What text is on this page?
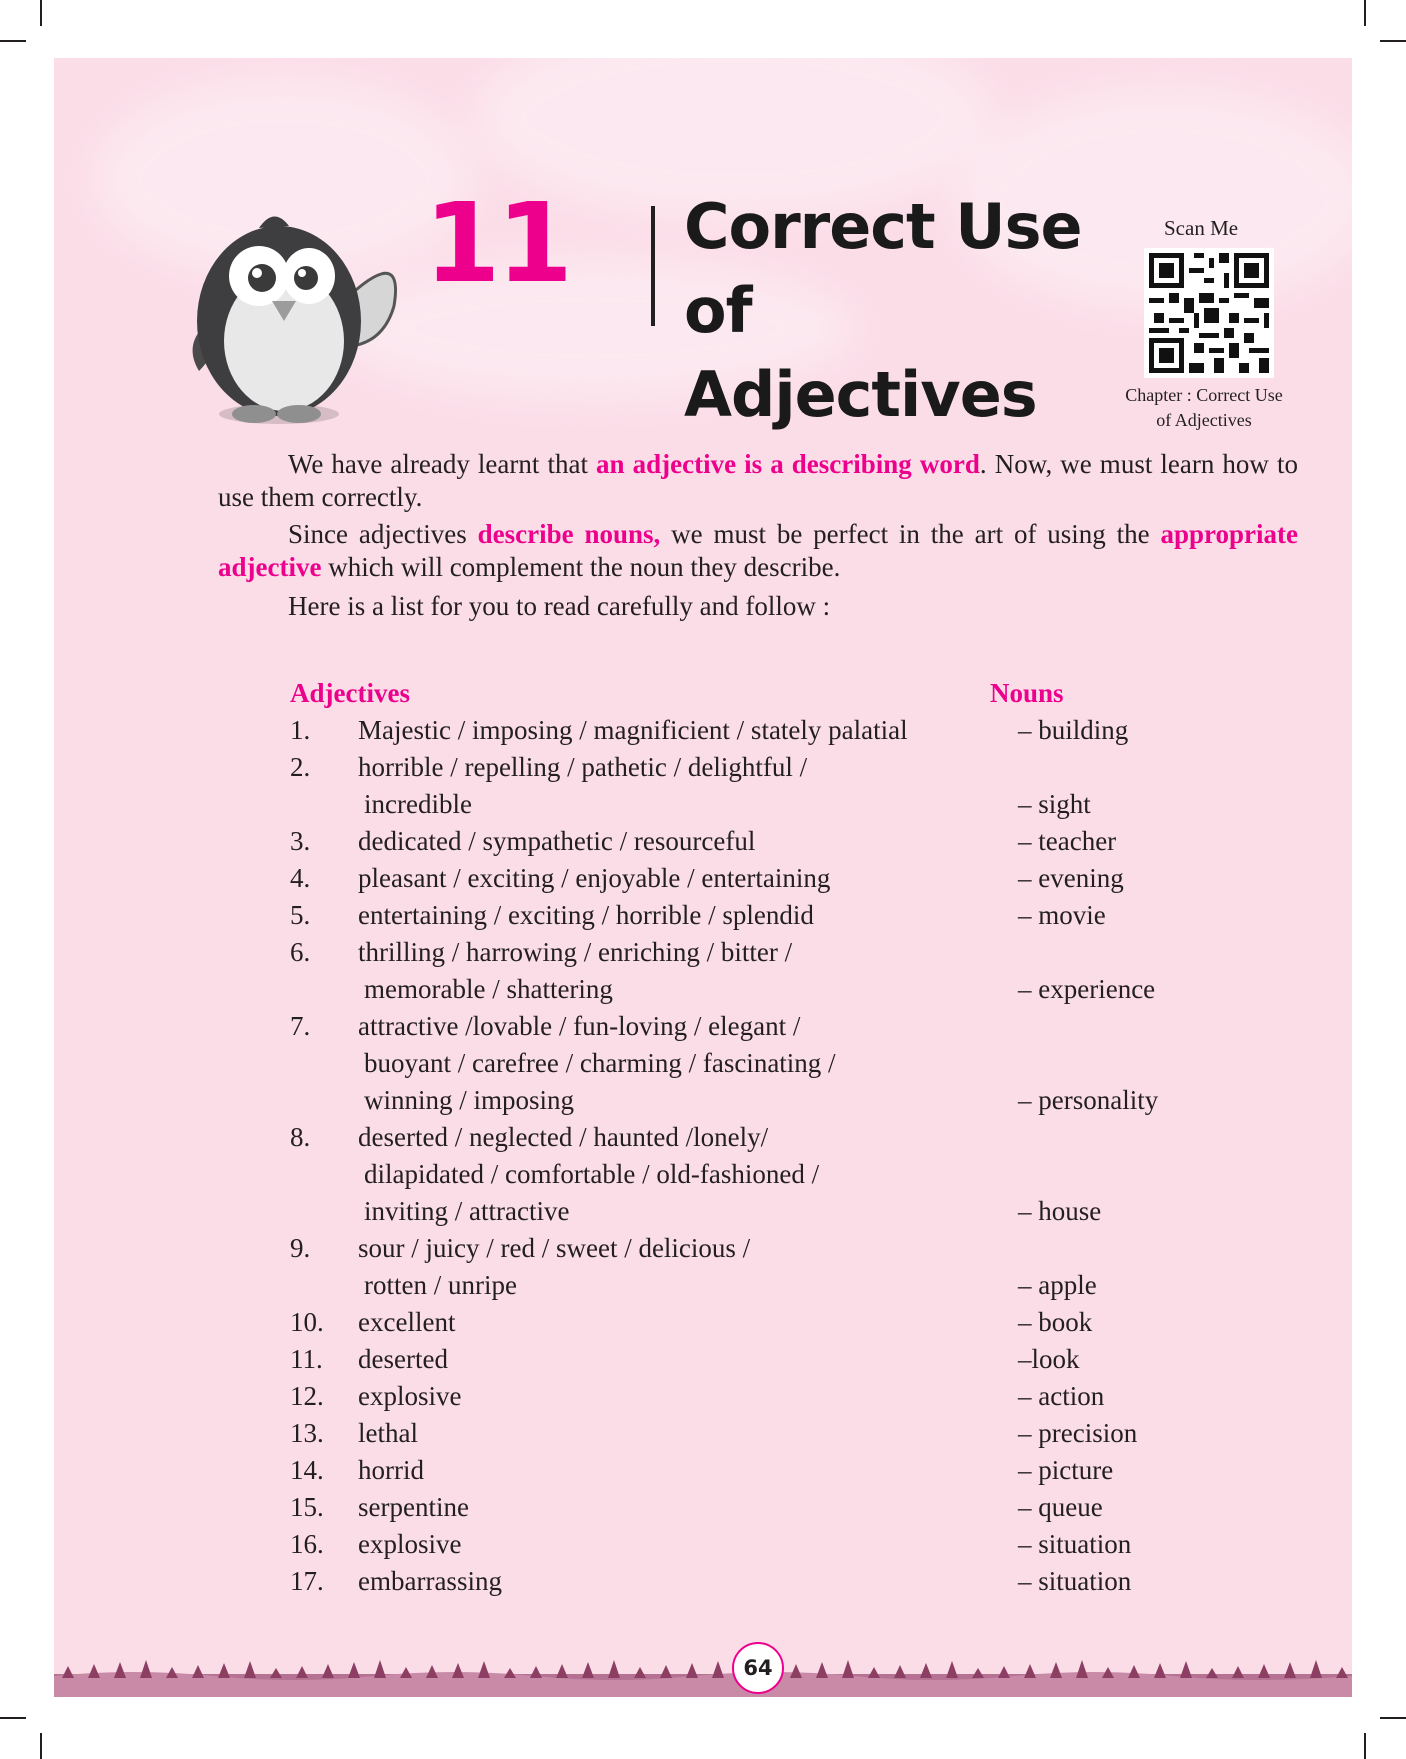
11	Correct Use of
Adjectives
Scan Me
Chapter : Correct Use
of Adjectives

We have already learnt that an adjective is a describing word. Now, we must learn how to use them correctly.

Since adjectives describe nouns, we must be perfect in the art of using the appropriate adjective which will complement the noun they describe.

Here is a list for you to read carefully and follow :

Adjectives	Nouns
1.	Majestic / imposing / magnificient / stately palatial	– building
2.	horrible / repelling / pathetic / delightful /
incredible	– sight
3.	dedicated / sympathetic / resourceful	– teacher
4.	pleasant / exciting / enjoyable / entertaining	– evening
5.	entertaining / exciting / horrible / splendid	– movie
6.	thrilling / harrowing / enriching / bitter /
memorable / shattering	– experience
7.	attractive /lovable / fun-loving / elegant /
buoyant / carefree / charming / fascinating /
winning / imposing	– personality
8.	deserted / neglected / haunted /lonely/
dilapidated / comfortable / old-fashioned /
inviting / attractive	– house
9.	sour / juicy / red / sweet / delicious /
rotten / unripe	– apple
10.	excellent	– book
11.	deserted	–look
12.	explosive	– action
13.	lethal	– precision
14.	horrid	– picture
15.	serpentine	– queue
16.	explosive	– situation
17.	embarrassing	– situation
64
